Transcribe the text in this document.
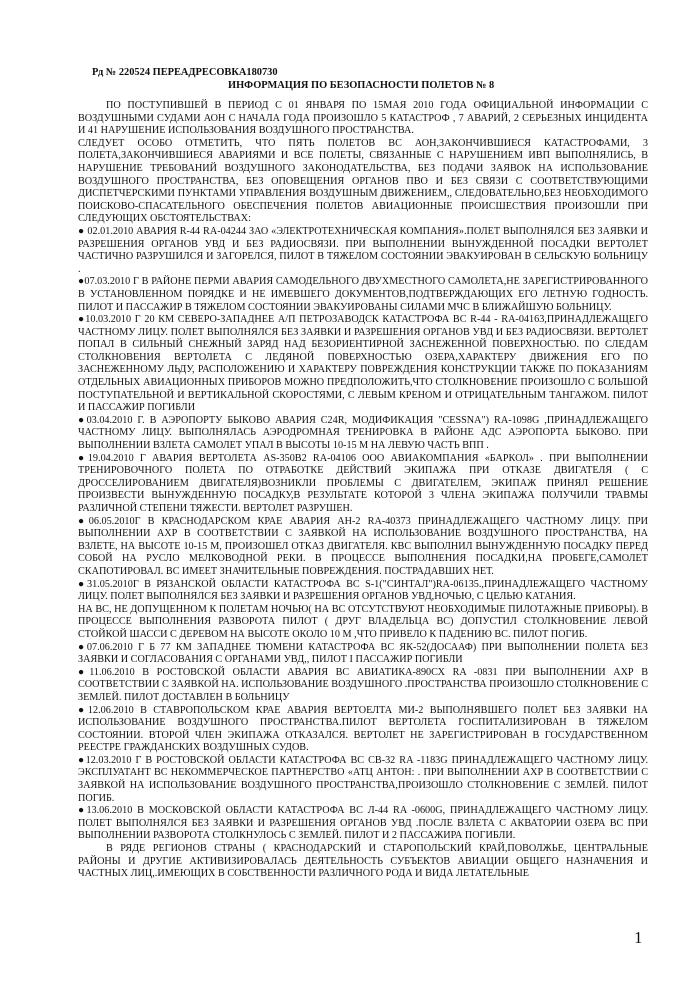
Рд № 220524 ПЕРЕАДРЕСОВКА180730
ИНФОРМАЦИЯ ПО БЕЗОПАСНОСТИ ПОЛЕТОВ № 8

ПО ПОСТУПИВШЕЙ В ПЕРИОД С 01 ЯНВАРЯ ПО 15МАЯ 2010 ГОДА ОФИЦИАЛЬНОЙ ИНФОРМАЦИИ С ВОЗДУШНЫМИ СУДАМИ АОН С НАЧАЛА ГОДА ПРОИЗОШЛО 5 КАТАСТРОФ , 7 АВАРИЙ, 2 СЕРЬЕЗНЫХ ИНЦИДЕНТА И 41 НАРУШЕНИЕ ИСПОЛЬЗОВАНИЯ ВОЗДУШНОГО ПРОСТРАНСТВА.

СЛЕДУЕТ ОСОБО ОТМЕТИТЬ, ЧТО ПЯТЬ ПОЛЕТОВ ВС АОН,ЗАКОНЧИВШИЕСЯ КАТАСТРОФАМИ, 3 ПОЛЕТА,ЗАКОНЧИВШИЕСЯ АВАРИЯМИ И ВСЕ ПОЛЕТЫ, СВЯЗАННЫЕ С НАРУШЕНИЕМ ИВП ВЫПОЛНЯЛИСЬ, В НАРУШЕНИЕ ТРЕБОВАНИЙ ВОЗДУШНОГО ЗАКОНОДАТЕЛЬСТВА, БЕЗ ПОДАЧИ ЗАЯВОК НА ИСПОЛЬЗОВАНИЕ ВОЗДУШНОГО ПРОСТРАНСТВА, БЕЗ ОПОВЕЩЕНИЯ ОРГАНОВ ПВО И БЕЗ СВЯЗИ С СООТВЕТСТВУЮЩИМИ ДИСПЕТЧЕРСКИМИ ПУНКТАМИ УПРАВЛЕНИЯ ВОЗДУШНЫМ ДВИЖЕНИЕМ,, СЛЕДОВАТЕЛЬНО,БЕЗ НЕОБХОДИМОГО ПОИСКОВО-СПАСАТЕЛЬНОГО ОБЕСПЕЧЕНИЯ ПОЛЕТОВ АВИАЦИОННЫЕ ПРОИСШЕСТВИЯ ПРОИЗОШЛИ ПРИ СЛЕДУЮЩИХ ОБСТОЯТЕЛЬСТВАХ:

● 02.01.2010 АВАРИЯ R-44 RA-04244 ЗАО «ЭЛЕКТРОТЕХНИЧЕСКАЯ КОМПАНИЯ».ПОЛЕТ ВЫПОЛНЯЛСЯ БЕЗ ЗАЯВКИ И РАЗРЕШЕНИЯ ОРГАНОВ УВД И БЕЗ РАДИОСВЯЗИ. ПРИ ВЫПОЛНЕНИИ ВЫНУЖДЕННОЙ ПОСАДКИ ВЕРТОЛЕТ ЧАСТИЧНО РАЗРУШИЛСЯ И ЗАГОРЕЛСЯ, ПИЛОТ В ТЯЖЕЛОМ СОСТОЯНИИ ЭВАКУИРОВАН В СЕЛЬСКУЮ БОЛЬНИЦУ .

●07.03.2010 Г В РАЙОНЕ ПЕРМИ АВАРИЯ САМОДЕЛЬНОГО ДВУХМЕСТНОГО САМОЛЕТА,НЕ ЗАРЕГИСТРИРОВАННОГО В УСТАНОВЛЕННОМ ПОРЯДКЕ И НЕ ИМЕВШЕГО ДОКУМЕНТОВ,ПОДТВЕРЖДАЮЩИХ ЕГО ЛЕТНУЮ ГОДНОСТЬ. ПИЛОТ И ПАССАЖИР В ТЯЖЕЛОМ СОСТОЯНИИ ЭВАКУИРОВАНЫ СИЛАМИ МЧС В БЛИЖАЙШУЮ БОЛЬНИЦУ.

●10.03.2010 Г 20 КМ СЕВЕРО-ЗАПАДНЕЕ А/П ПЕТРОЗАВОДСК КАТАСТРОФА ВС R-44 - RA-04163,ПРИНАДЛЕЖАЩЕГО ЧАСТНОМУ ЛИЦУ. ПОЛЕТ ВЫПОЛНЯЛСЯ БЕЗ ЗАЯВКИ И РАЗРЕШЕНИЯ ОРГАНОВ УВД И БЕЗ РАДИОСВЯЗИ. ВЕРТОЛЕТ ПОПАЛ В СИЛЬНЫЙ СНЕЖНЫЙ ЗАРЯД НАД БЕЗОРИЕНТИРНОЙ ЗАСНЕЖЕННОЙ ПОВЕРХНОСТЬЮ. ПО СЛЕДАМ СТОЛКНОВЕНИЯ ВЕРТОЛЕТА С ЛЕДЯНОЙ ПОВЕРХНОСТЬЮ ОЗЕРА,ХАРАКТЕРУ ДВИЖЕНИЯ ЕГО ПО ЗАСНЕЖЕННОМУ ЛЬДУ, РАСПОЛОЖЕНИЮ И ХАРАКТЕРУ ПОВРЕЖДЕНИЯ КОНСТРУКЦИИ ТАКЖЕ ПО ПОКАЗАНИЯМ ОТДЕЛЬНЫХ АВИАЦИОННЫХ ПРИБОРОВ МОЖНО ПРЕДПОЛОЖИТЬ,ЧТО СТОЛКНОВЕНИЕ ПРОИЗОШЛО С БОЛЬШОЙ ПОСТУПАТЕЛЬНОЙ И ВЕРТИКАЛЬНОЙ СКОРОСТЯМИ, С ЛЕВЫМ КРЕНОМ И ОТРИЦАТЕЛЬНЫМ ТАНГАЖОМ. ПИЛОТ И ПАССАЖИР ПОГИБЛИ

●03.04.2010 Г. В АЭРОПОРТУ БЫКОВО АВАРИЯ С24R, МОДИФИКАЦИЯ "CESSNA") RA-1098G ,ПРИНАДЛЕЖАЩЕГО ЧАСТНОМУ ЛИЦУ. ВЫПОЛНЯЛАСЬ АЭРОДРОМНАЯ ТРЕНИРОВКА В РАЙОНЕ АДС АЭРОПОРТА БЫКОВО. ПРИ ВЫПОЛНЕНИИ ВЗЛЕТА САМОЛЕТ УПАЛ В ВЫСОТЫ 10-15 М НА ЛЕВУЮ ЧАСТЬ ВПП .

●19.04.2010 Г АВАРИЯ ВЕРТОЛЕТА AS-350B2 RA-04106 ООО АВИАКОМПАНИЯ «БАРКОЛ» . ПРИ ВЫПОЛНЕНИИ ТРЕНИРОВОЧНОГО ПОЛЕТА ПО ОТРАБОТКЕ ДЕЙСТВИЙ ЭКИПАЖА ПРИ ОТКАЗЕ ДВИГАТЕЛЯ ( С ДРОССЕЛИРОВАНИЕМ ДВИГАТЕЛЯ)ВОЗНИКЛИ ПРОБЛЕМЫ С ДВИГАТЕЛЕМ, ЭКИПАЖ ПРИНЯЛ РЕШЕНИЕ ПРОИЗВЕСТИ ВЫНУЖДЕННУЮ ПОСАДКУ,В РЕЗУЛЬТАТЕ КОТОРОЙ 3 ЧЛЕНА ЭКИПАЖА ПОЛУЧИЛИ ТРАВМЫ РАЗЛИЧНОЙ СТЕПЕНИ ТЯЖЕСТИ. ВЕРТОЛЕТ РАЗРУШЕН.

●06.05.2010Г В КРАСНОДАРСКОМ КРАЕ АВАРИЯ АН-2 RA-40373 ПРИНАДЛЕЖАЩЕГО ЧАСТНОМУ ЛИЦУ. ПРИ ВЫПОЛНЕНИИ АХР В СООТВЕТСТВИИ С ЗАЯВКОЙ НА ИСПОЛЬЗОВАНИЕ ВОЗДУШНОГО ПРОСТРАНСТВА, НА ВЗЛЕТЕ, НА ВЫСОТЕ 10-15 М, ПРОИЗОШЕЛ ОТКАЗ ДВИГАТЕЛЯ. КВС ВЫПОЛНИЛ ВЫНУЖДЕННУЮ ПОСАДКУ ПЕРЕД СОБОЙ НА РУСЛО МЕЛКОВОДНОЙ РЕКИ. В ПРОЦЕССЕ ВЫПОЛНЕНИЯ ПОСАДКИ,НА ПРОБЕГЕ,САМОЛЕТ СКАПОТИРОВАЛ. ВС ИМЕЕТ ЗНАЧИТЕЛЬНЫЕ ПОВРЕЖДЕНИЯ. ПОСТРАДАВШИХ НЕТ.

●31.05.2010Г В РЯЗАНСКОЙ ОБЛАСТИ КАТАСТРОФА ВС S-1("СИНТАЛ")RA-06135.,ПРИНАДЛЕЖАЩЕГО ЧАСТНОМУ ЛИЦУ. ПОЛЕТ ВЫПОЛНЯЛСЯ БЕЗ ЗАЯВКИ И РАЗРЕШЕНИЯ ОРГАНОВ УВД,НОЧЬЮ, С ЦЕЛЬЮ КАТАНИЯ.

НА ВС, НЕ ДОПУЩЕННОМ К ПОЛЕТАМ НОЧЬЮ( НА ВС ОТСУТСТВУЮТ НЕОБХОДИМЫЕ ПИЛОТАЖНЫЕ ПРИБОРЫ). В ПРОЦЕССЕ ВЫПОЛНЕНИЯ РАЗВОРОТА ПИЛОТ ( ДРУГ ВЛАДЕЛЬЦА ВС) ДОПУСТИЛ СТОЛКНОВЕНИЕ ЛЕВОЙ СТОЙКОЙ ШАССИ С ДЕРЕВОМ НА ВЫСОТЕ ОКОЛО 10 М ,ЧТО ПРИВЕЛО К ПАДЕНИЮ ВС. ПИЛОТ ПОГИБ.

●07.06.2010 Г Б 77 КМ ЗАПАДНЕЕ ТЮМЕНИ КАТАСТРОФА ВС ЯК-52(ДОСААФ) ПРИ ВЫПОЛНЕНИИ ПОЛЕТА БЕЗ ЗАЯВКИ И СОГЛАСОВАНИЯ С ОРГАНАМИ УВД,, ПИЛОТ І ПАССАЖИР ПОГИБЛИ

●11.06.2010 В РОСТОВСКОЙ ОБЛАСТИ АВАРИЯ ВС АВИАТИКА-890СХ RA -0831 ПРИ ВЫПОЛНЕНИИ АХР В СООТВЕТСТВИИ С ЗАЯВКОЙ НА. ИСПОЛЬЗОВАНИЕ ВОЗДУШНОГО .ПРОСТРАНСТВА ПРОИЗОШЛО СТОЛКНОВЕНИЕ С ЗЕМЛЕЙ. ПИЛОТ ДОСТАВЛЕН В БОЛЬНИЦУ

●12.06.2010 В СТАВРОПОЛЬСКОМ КРАЕ АВАРИЯ ВЕРТОЕЛТА МИ-2 ВЫПОЛНЯВШЕГО ПОЛЕТ БЕЗ ЗАЯВКИ НА ИСПОЛЬЗОВАНИЕ ВОЗДУШНОГО ПРОСТРАНСТВА.ПИЛОТ ВЕРТОЛЕТА ГОСПИТАЛИЗИРОВАН В ТЯЖЕЛОМ СОСТОЯНИИ. ВТОРОЙ ЧЛЕН ЭКИПАЖА ОТКАЗАЛСЯ. ВЕРТОЛЕТ НЕ ЗАРЕГИСТРИРОВАН В ГОСУДАРСТВЕННОМ РЕЕСТРЕ ГРАЖДАНСКИХ ВОЗДУШНЫХ СУДОВ.

●12.03.2010 Г В РОСТОВСКОЙ ОБЛАСТИ КАТАСТРОФА ВС СВ-32 RA -1183G ПРИНАДЛЕЖАЩЕГО ЧАСТНОМУ ЛИЦУ. ЭКСПЛУАТАНТ ВС НЕКОММЕРЧЕСКОЕ ПАРТНЕРСТВО «АТЦ АНТОН: . ПРИ ВЫПОЛНЕНИИ АХР В СООТВЕТСТВИИ С ЗАЯВКОЙ НА ИСПОЛЬЗОВАНИЕ ВОЗДУШНОГО ПРОСТРАНСТВА,ПРОИЗОШЛО СТОЛКНОВЕНИЕ С ЗЕМЛЕЙ. ПИЛОТ ПОГИБ.

●13.06.2010 В МОСКОВСКОЙ ОБЛАСТИ КАТАСТРОФА ВС Л-44 RA -0600G, ПРИНАДЛЕЖАЩЕГО ЧАСТНОМУ ЛИЦУ. ПОЛЕТ ВЫПОЛНЯЛСЯ БЕЗ ЗАЯВКИ И РАЗРЕШЕНИЯ ОРГАНОВ УВД .ПОСЛЕ ВЗЛЕТА С АКВАТОРИИ ОЗЕРА ВС ПРИ ВЫПОЛНЕНИИ РАЗВОРОТА СТОЛКНУЛОСЬ С ЗЕМЛЕЙ. ПИЛОТ И 2 ПАССАЖИРА ПОГИБЛИ.

В РЯДЕ РЕГИОНОВ СТРАНЫ ( КРАСНОДАРСКИЙ И СТАРОПОЛЬСКИЙ КРАЙ,ПОВОЛЖЬЕ, ЦЕНТРАЛЬНЫЕ РАЙОНЫ И ДРУГИЕ АКТИВИЗИРОВАЛАСЬ ДЕЯТЕЛЬНОСТЬ СУБЪЕКТОВ АВИАЦИИ ОБЩЕГО НАЗНАЧЕНИЯ И ЧАСТНЫХ ЛИЦ,.ИМЕЮЩИХ В СОБСТВЕННОСТИ РАЗЛИЧНОГО РОДА И ВИДА ЛЕТАТЕЛЬНЫЕ

1
